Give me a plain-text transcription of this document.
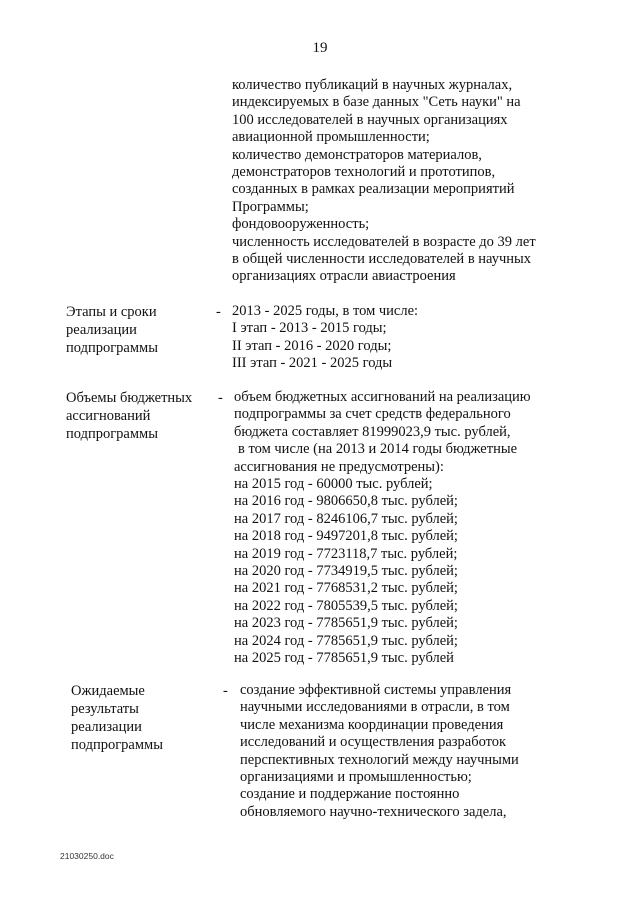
19
количество публикаций в научных журналах,
индексируемых в базе данных "Сеть науки" на
100 исследователей в научных организациях
авиационной промышленности;
количество демонстраторов материалов,
демонстраторов технологий и прототипов,
созданных в рамках реализации мероприятий
Программы;
фондовооруженность;
численность исследователей в возрасте до 39 лет
в общей численности исследователей в научных
организациях отрасли авиастроения
Этапы и сроки
реализации
подпрограммы
- 2013 - 2025 годы, в том числе:
I этап - 2013 - 2015 годы;
II этап - 2016 - 2020 годы;
III этап - 2021 - 2025 годы
Объемы бюджетных
ассигнований
подпрограммы
- объем бюджетных ассигнований на реализацию
подпрограммы за счет средств федерального
бюджета составляет 81999023,9 тыс. рублей,
в том числе (на 2013 и 2014 годы бюджетные
ассигнования не предусмотрены):
на 2015 год - 60000 тыс. рублей;
на 2016 год - 9806650,8 тыс. рублей;
на 2017 год - 8246106,7 тыс. рублей;
на 2018 год - 9497201,8 тыс. рублей;
на 2019 год - 7723118,7 тыс. рублей;
на 2020 год - 7734919,5 тыс. рублей;
на 2021 год - 7768531,2 тыс. рублей;
на 2022 год - 7805539,5 тыс. рублей;
на 2023 год - 7785651,9 тыс. рублей;
на 2024 год - 7785651,9 тыс. рублей;
на 2025 год - 7785651,9 тыс. рублей
Ожидаемые
результаты
реализации
подпрограммы
- создание эффективной системы управления
научными исследованиями в отрасли, в том
числе механизма координации проведения
исследований и осуществления разработок
перспективных технологий между научными
организациями и промышленностью;
создание и поддержание постоянно
обновляемого научно-технического задела,
21030250.doc
